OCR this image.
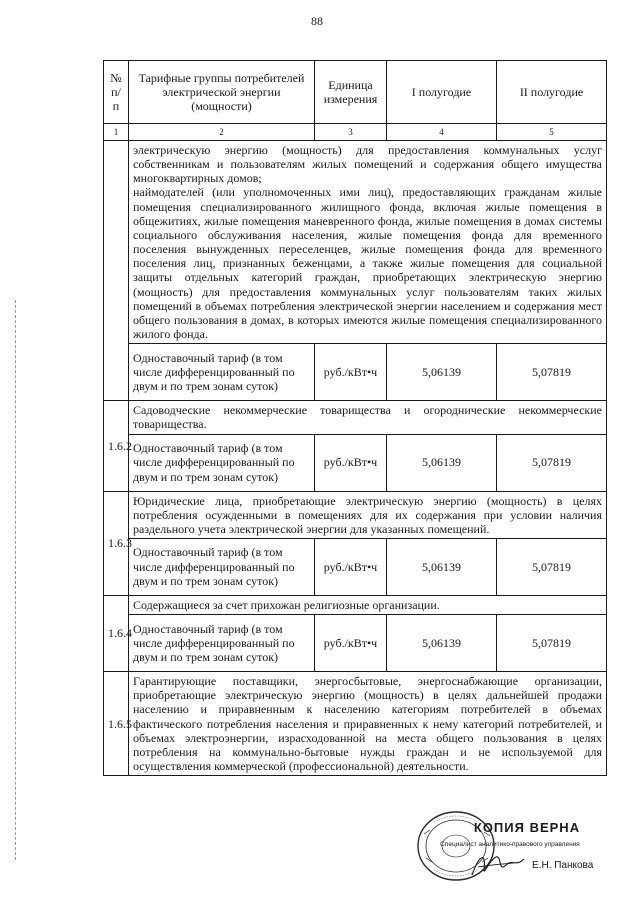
88
№ п/п	Тарифные группы потребителей электрической энергии (мощности)	Единица измерения	I полугодие	II полугодие
1	2	3	4	5
	электрическую энергию (мощность) для предоставления коммунальных услуг собственникам и пользователям жилых помещений и содержания общего имущества многоквартирных домов;
наймодателей (или уполномоченных ими лиц), предоставляющих гражданам жилые помещения специализированного жилищного фонда, включая жилые помещения в общежитиях, жилые помещения маневренного фонда, жилые помещения в домах системы социального обслуживания населения, жилые помещения фонда для временного поселения вынужденных переселенцев, жилые помещения фонда для временного поселения лиц, признанных беженцами, а также жилые помещения для социальной защиты отдельных категорий граждан, приобретающих электрическую энергию (мощность) для предоставления коммунальных услуг пользователям таких жилых помещений в объемах потребления электрической энергии населением и содержания мест общего пользования в домах, в которых имеются жилые помещения специализированного жилого фонда.			
	Одноставочный тариф (в том числе дифференцированный по двум и по трем зонам суток)	руб./кВт•ч	5,06139	5,07819
1.6.2	Садоводческие некоммерческие товарищества и огороднические некоммерческие товарищества.			
	Одноставочный тариф (в том числе дифференцированный по двум и по трем зонам суток)	руб./кВт•ч	5,06139	5,07819
1.6.3	Юридические лица, приобретающие электрическую энергию (мощность) в целях потребления осужденными в помещениях для их содержания при условии наличия раздельного учета электрической энергии для указанных помещений.			
	Одноставочный тариф (в том числе дифференцированный по двум и по трем зонам суток)	руб./кВт•ч	5,06139	5,07819
1.6.4	Содержащиеся за счет прихожан религиозные организации.			
	Одноставочный тариф (в том числе дифференцированный по двум и по трем зонам суток)	руб./кВт•ч	5,06139	5,07819
1.6.5	Гарантирующие поставщики, энергосбытовые, энергоснабжающие организации, приобретающие электрическую энергию (мощность) в целях дальнейшей продажи населению и приравненным к населению категориям потребителей в объемах фактического потребления населения и приравненных к нему категорий потребителей, и объемах электроэнергии, израсходованной на места общего пользования в целях потребления на коммунально-бытовые нужды граждан и не используемой для осуществления коммерческой (профессиональной) деятельности.			
КОПИЯ ВЕРНА
Специалист аналитико-правового управления
Е.Н. Панкова
